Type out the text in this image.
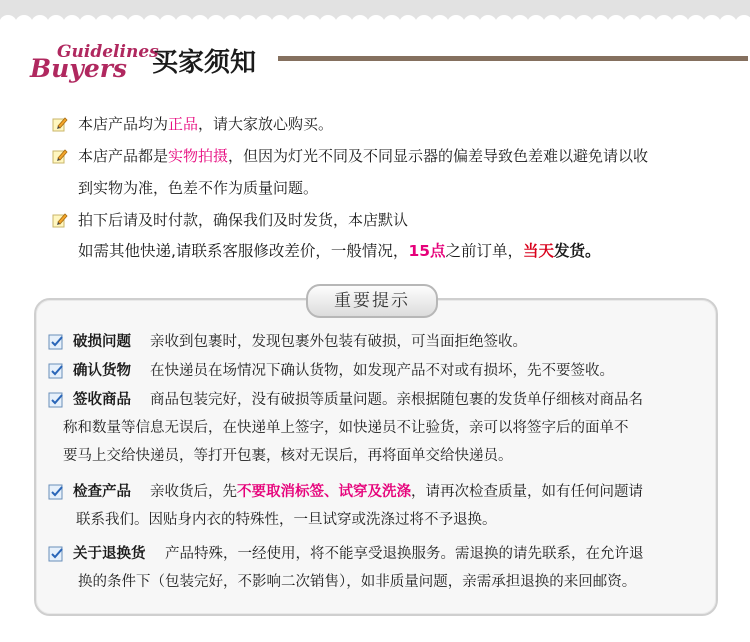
Guidelines
Buyers 买家须知
本店产品均为正品，请大家放心购买。
本店产品都是实物拍摄，但因为灯光不同及不同显示器的偏差导致色差难以避免请以收
到实物为准，色差不作为质量问题。
拍下后请及时付款，确保我们及时发货，本店默认
如需其他快递,请联系客服修改差价，一般情况，15点之前订单，当天发货。
重要提示
破损问题 亲收到包裹时，发现包裹外包装有破损，可当面拒绝签收。
确认货物 在快递员在场情况下确认货物，如发现产品不对或有损坏，先不要签收。
签收商品 商品包装完好，没有破损等质量问题。亲根据随包裹的发货单仔细核对商品名
称和数量等信息无误后，在快递单上签字，如快递员不让验货，亲可以将签字后的面单不
要马上交给快递员，等打开包裹，核对无误后，再将面单交给快递员。
检查产品 亲收货后，先不要取消标签、试穿及洗涤，请再次检查质量，如有任何问题请
联系我们。因贴身内衣的特殊性，一旦试穿或洗涤过将不予退换。
关于退换货 产品特殊，一经使用，将不能享受退换服务。需退换的请先联系，在允许退
换的条件下（包装完好，不影响二次销售），如非质量问题，亲需承担退换的来回邮资。
